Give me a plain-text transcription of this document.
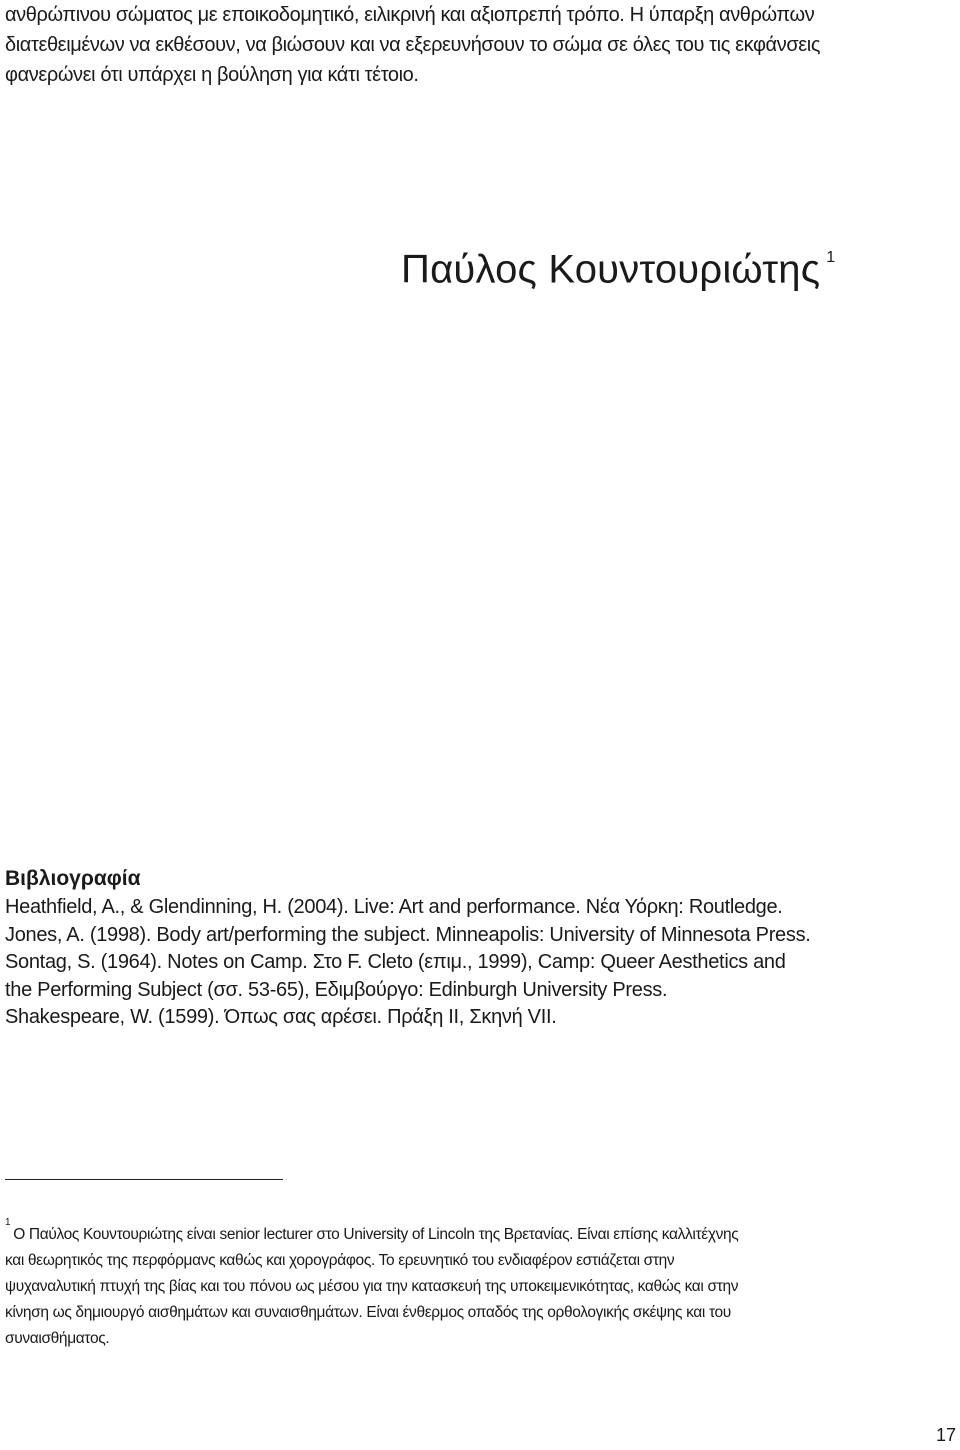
ανθρώπινου σώματος με εποικοδομητικό, ειλικρινή και αξιοπρεπή τρόπο. Η ύπαρξη ανθρώπων

διατεθειμένων να εκθέσουν, να βιώσουν και να εξερευνήσουν το σώμα σε όλες του τις εκφάνσεις

φανερώνει ότι υπάρχει η βούληση για κάτι τέτοιο.

Παύλος Κουντουριώτης $^1$
Βιβλιογραφία
Heathfield, A., & Glendinning, H. (2004). Live: Art and performance. Νέα Υόρκη: Routledge.
Jones, A. (1998). Body art/performing the subject. Minneapolis: University of Minnesota Press.
Sontag, S. (1964). Notes on Camp. Στο F. Cleto (επιμ., 1999), Camp: Queer Aesthetics and
the Performing Subject (σσ. 53-65), Εδιμβούργο: Edinburgh University Press.
Shakespeare, W. (1599). Όπως σας αρέσει. Πράξη ΙΙ, Σκηνή VII.

$^1$Ο Παύλος Κουντουριώτης είναι senior lecturer στο University of Lincoln της Βρετανίας. Είναι επίσης καλλιτέχνης

και θεωρητικός της περφόρμανς καθώς και χορογράφος. Το ερευνητικό του ενδιαφέρον εστιάζεται στην

ψυχαναλυτική πτυχή της βίας και του πόνου ως μέσου για την κατασκευή της υποκειμενικότητας, καθώς και στην

κίνηση ως δημιουργό αισθημάτων και συναισθημάτων. Είναι ένθερμος οπαδός της ορθολογικής σκέψης και του

συναισθήματος.

17
